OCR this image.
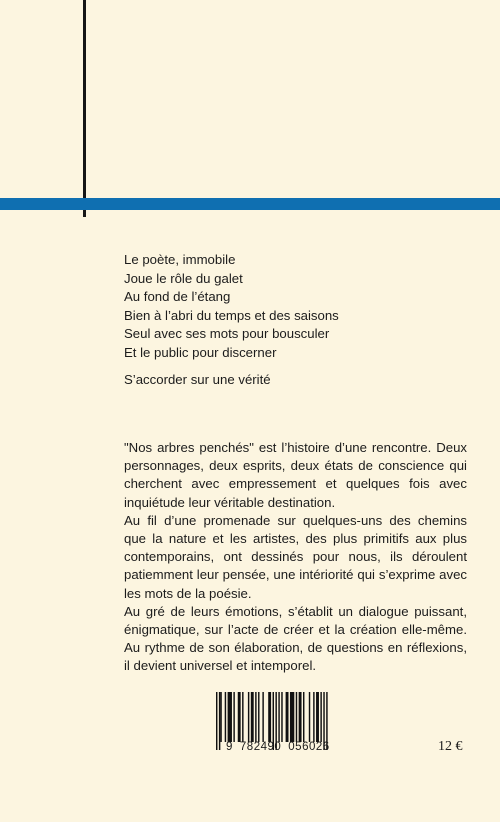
Le poète, immobile
Joue le rôle du galet
Au fond de l’étang
Bien à l’abri du temps et des saisons
Seul avec ses mots pour bousculer
Et le public pour discerner
S’accorder sur une vérité

"Nos arbres penchés" est l’histoire d’une rencontre. Deux personnages, deux esprits, deux états de conscience qui cherchent avec empressement et quelques fois avec inquiétude leur véritable destination.

Au fil d’une promenade sur quelques-uns des chemins que la nature et les artistes, des plus primitifs aux plus contemporains, ont dessinés pour nous, ils déroulent patiemment leur pensée, une intériorité qui s’exprime avec les mots de la poésie.

Au gré de leurs émotions, s’établit un dialogue puissant, énigmatique, sur l’acte de créer et la création elle-même. Au rythme de son élaboration, de questions en réflexions, il devient universel et intemporel.

9 782490 056026	12 €
